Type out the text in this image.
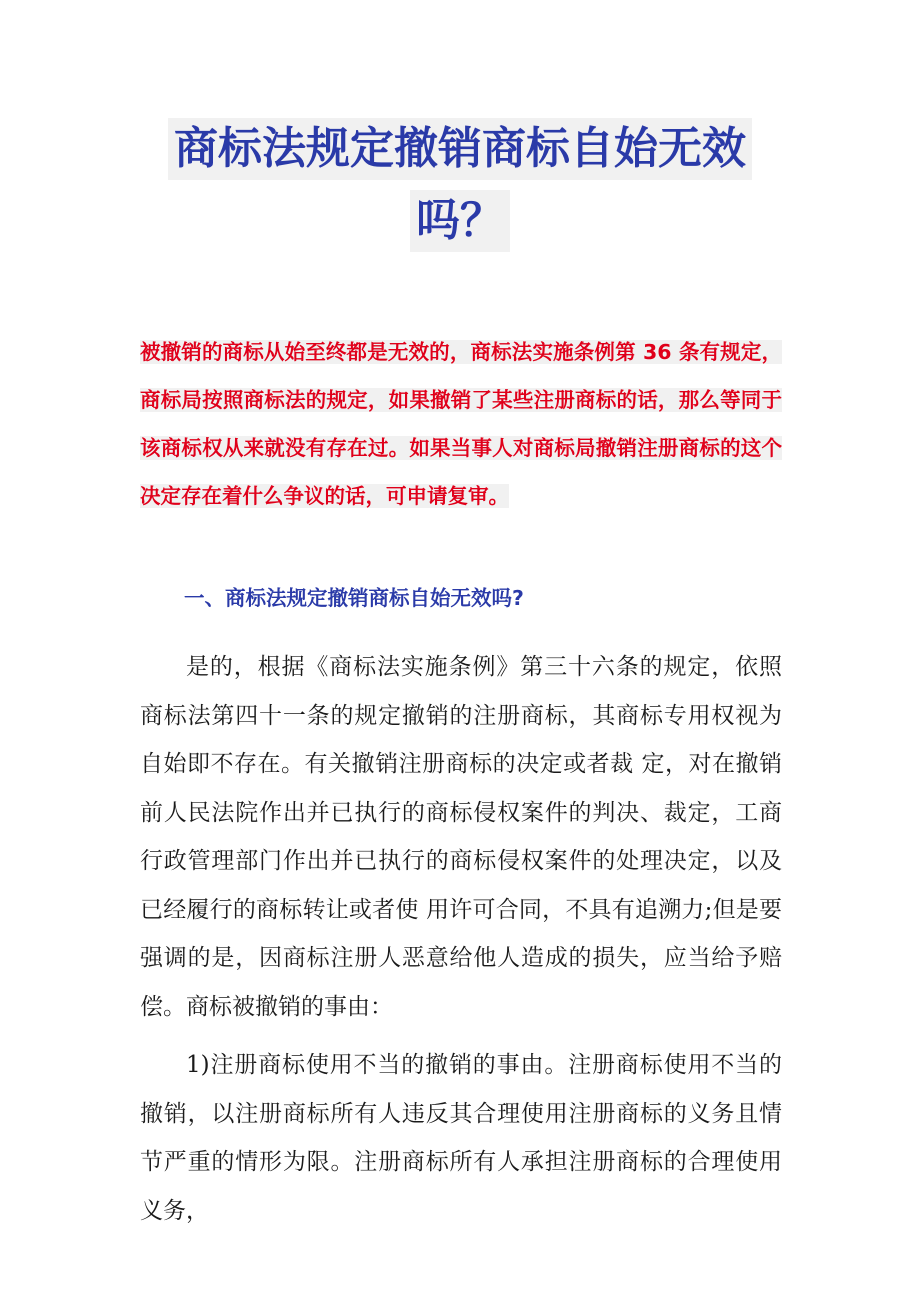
商标法规定撤销商标自始无效
吗？

被撤销的商标从始至终都是无效的，商标法实施条例第 36 条有规定，商标局按照商标法的规定，如果撤销了某些注册商标的话，那么等同于该商标权从来就没有存在过。如果当事人对商标局撤销注册商标的这个决定存在着什么争议的话，可申请复审。

一、商标法规定撤销商标自始无效吗?

是的，根据《商标法实施条例》第三十六条的规定，依照商标法第四十一条的规定撤销的注册商标，其商标专用权视为自始即不存在。有关撤销注册商标的决定或者裁 定，对在撤销前人民法院作出并已执行的商标侵权案件的判决、裁定，工商行政管理部门作出并已执行的商标侵权案件的处理决定，以及已经履行的商标转让或者使 用许可合同，不具有追溯力;但是要强调的是，因商标注册人恶意给他人造成的损失，应当给予赔偿。商标被撤销的事由：

1)注册商标使用不当的撤销的事由。注册商标使用不当的撤销，以注册商标所有人违反其合理使用注册商标的义务且情节严重的情形为限。注册商标所有人承担注册商标的合理使用义务，
